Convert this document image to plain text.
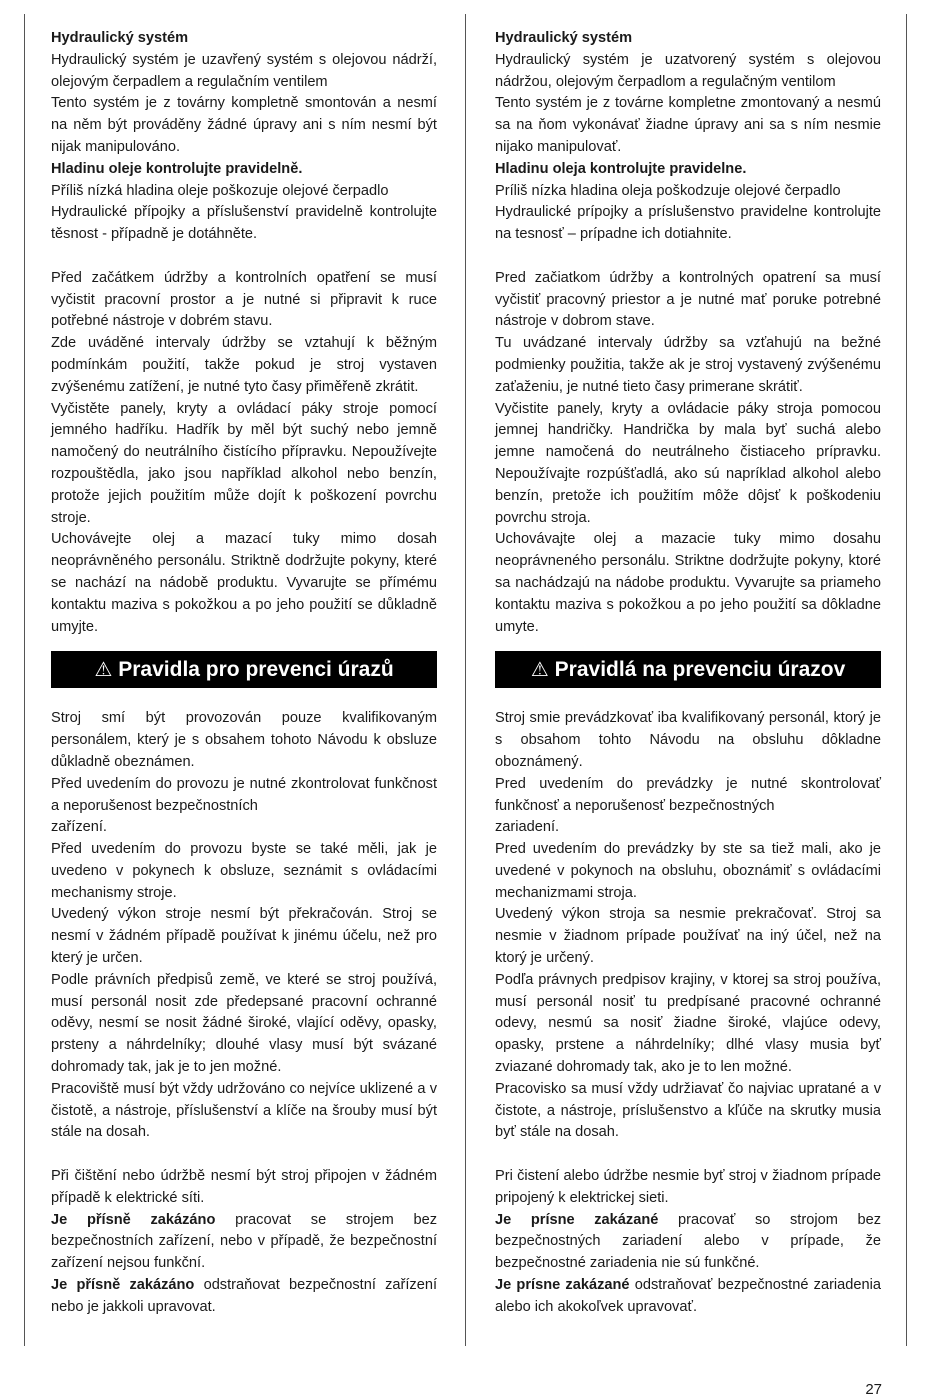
Hydraulický systém

Hydraulický systém je uzavřený systém s olejovou nádrží, olejovým čerpadlem a regulačním ventilem

Tento systém je z továrny kompletně smontován a nesmí na něm být prováděny žádné úpravy ani s ním nesmí být nijak manipulováno.

Hladinu oleje kontrolujte pravidelně.

Příliš nízká hladina oleje poškozuje olejové čerpadlo

Hydraulické přípojky a příslušenství pravidelně kontrolujte těsnost - případně je dotáhněte.

Před začátkem údržby a kontrolních opatření se musí vyčistit pracovní prostor a je nutné si připravit k ruce potřebné nástroje v dobrém stavu.

Zde uváděné intervaly údržby se vztahují k běžným podmínkám použití, takže pokud je stroj vystaven zvýšenému zatížení, je nutné tyto časy přiměřeně zkrátit.

Vyčistěte panely, kryty a ovládací páky stroje pomocí jemného hadříku. Hadřík by měl být suchý nebo jemně namočený do neutrálního čistícího přípravku. Nepoužívejte rozpouštědla, jako jsou například alkohol nebo benzín, protože jejich použitím může dojít k poškození povrchu stroje.

Uchovávejte olej a mazací tuky mimo dosah neoprávněného personálu. Striktně dodržujte pokyny, které se nachází na nádobě produktu. Vyvarujte se přímému kontaktu maziva s pokožkou a po jeho použití se důkladně umyjte.

⚠ Pravidla pro prevenci úrazů

Stroj smí být provozován pouze kvalifikovaným personálem, který je s obsahem tohoto Návodu k obsluze důkladně obeznámen.

Před uvedením do provozu je nutné zkontrolovat funkčnost a neporušenost bezpečnostních

zařízení.

Před uvedením do provozu byste se také měli, jak je uvedeno v pokynech k obsluze, seznámit s ovládacími mechanismy stroje.

Uvedený výkon stroje nesmí být překračován. Stroj se nesmí v žádném případě používat k jinému účelu, než pro který je určen.

Podle právních předpisů země, ve které se stroj používá, musí personál nosit zde předepsané pracovní ochranné oděvy, nesmí se nosit žádné široké, vlající oděvy, opasky, prsteny a náhrdelníky; dlouhé vlasy musí být svázané dohromady tak, jak je to jen možné.

Pracoviště musí být vždy udržováno co nejvíce uklizené a v čistotě, a nástroje, příslušenství a klíče na šrouby musí být stále na dosah.

Při čištění nebo údržbě nesmí být stroj připojen v žádném případě k elektrické síti.

Je přísně zakázáno pracovat se strojem bez bezpečnostních zařízení, nebo v případě, že bezpečnostní zařízení nejsou funkční.

Je přísně zakázáno odstraňovat bezpečnostní zařízení nebo je jakkoli upravovat.

Hydraulický systém

Hydraulický systém je uzatvorený systém s olejovou nádržou, olejovým čerpadlom a regulačným ventilom

Tento systém je z továrne kompletne zmontovaný a nesmú sa na ňom vykonávať žiadne úpravy ani sa s ním nesmie nijako manipulovať.

Hladinu oleja kontrolujte pravidelne.

Príliš nízka hladina oleja poškodzuje olejové čerpadlo

Hydraulické prípojky a príslušenstvo pravidelne kontrolujte na tesnosť – prípadne ich dotiahnite.

Pred začiatkom údržby a kontrolných opatrení sa musí vyčistiť pracovný priestor a je nutné mať poruke potrebné nástroje v dobrom stave.

Tu uvádzané intervaly údržby sa vzťahujú na bežné podmienky použitia, takže ak je stroj vystavený zvýšenému zaťaženiu, je nutné tieto časy primerane skrátiť.

Vyčistite panely, kryty a ovládacie páky stroja pomocou jemnej handričky. Handrička by mala byť suchá alebo jemne namočená do neutrálneho čistiaceho prípravku. Nepoužívajte rozpúšťadlá, ako sú napríklad alkohol alebo benzín, pretože ich použitím môže dôjsť k poškodeniu povrchu stroja.

Uchovávajte olej a mazacie tuky mimo dosahu neoprávneného personálu. Striktne dodržujte pokyny, ktoré sa nachádzajú na nádobe produktu. Vyvarujte sa priameho kontaktu maziva s pokožkou a po jeho použití sa dôkladne umyte.

⚠ Pravidlá na prevenciu úrazov

Stroj smie prevádzkovať iba kvalifikovaný personál, ktorý je s obsahom tohto Návodu na obsluhu dôkladne oboznámený.

Pred uvedením do prevádzky je nutné skontrolovať funkčnosť a neporušenosť bezpečnostných

zariadení.

Pred uvedením do prevádzky by ste sa tiež mali, ako je uvedené v pokynoch na obsluhu, oboznámiť s ovládacími mechanizmami stroja.

Uvedený výkon stroja sa nesmie prekračovať. Stroj sa nesmie v žiadnom prípade používať na iný účel, než na ktorý je určený.

Podľa právnych predpisov krajiny, v ktorej sa stroj používa, musí personál nosiť tu predpísané pracovné ochranné odevy, nesmú sa nosiť žiadne široké, vlajúce odevy, opasky, prstene a náhrdelníky; dlhé vlasy musia byť zviazané dohromady tak, ako je to len možné.

Pracovisko sa musí vždy udržiavať čo najviac upratané a v čistote, a nástroje, príslušenstvo a kľúče na skrutky musia byť stále na dosah.

Pri čistení alebo údržbe nesmie byť stroj v žiadnom prípade pripojený k elektrickej sieti.

Je prísne zakázané pracovať so strojom bez bezpečnostných zariadení alebo v prípade, že bezpečnostné zariadenia nie sú funkčné.

Je prísne zakázané odstraňovať bezpečnostné zariadenia alebo ich akokoľvek upravovať.

27
